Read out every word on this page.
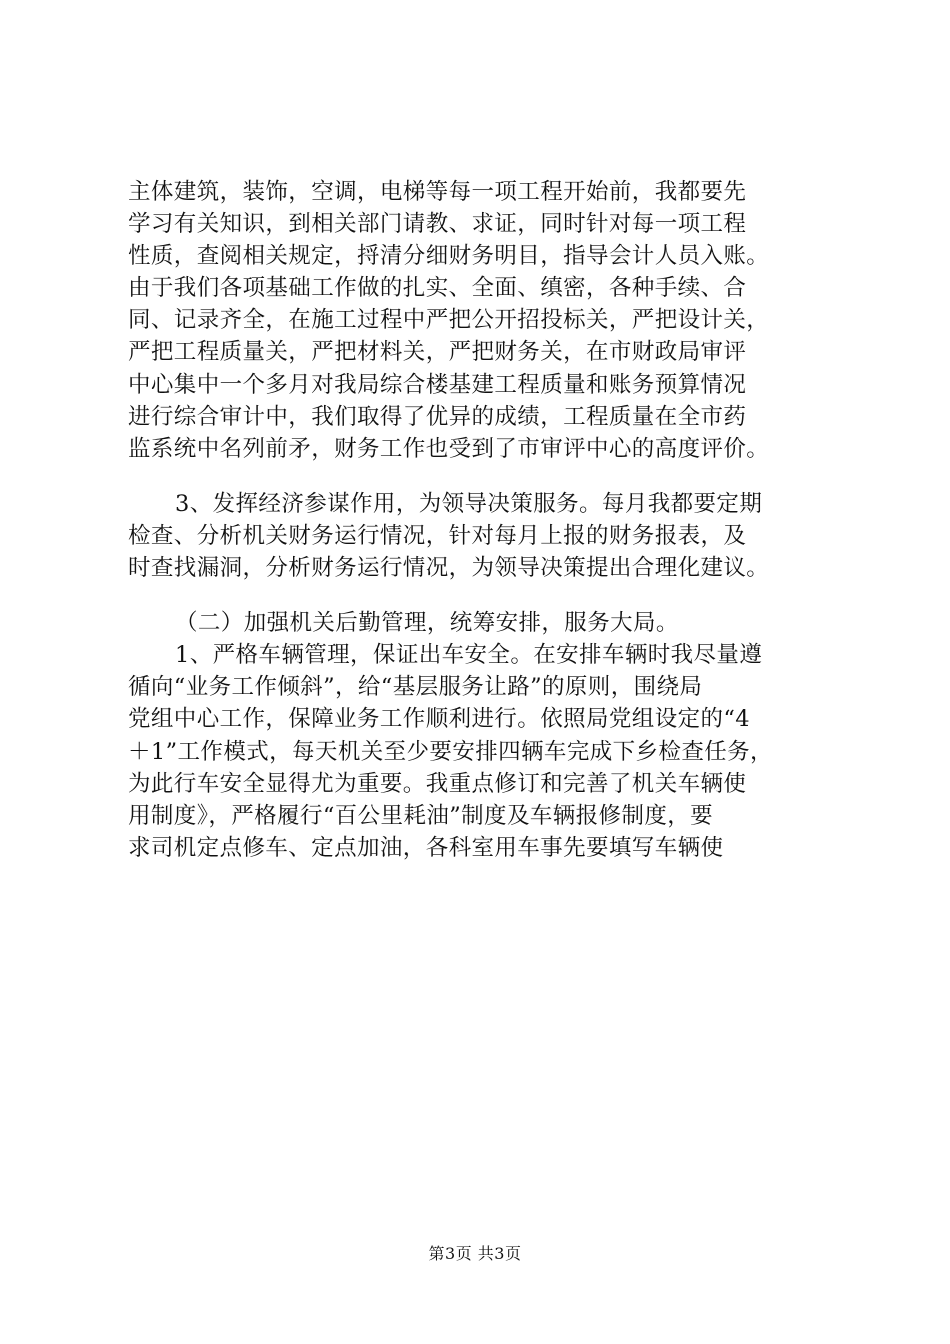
主体建筑，装饰，空调，电梯等每一项工程开始前，我都要先
学习有关知识，到相关部门请教、求证，同时针对每一项工程
性质，查阅相关规定，捋清分细财务明目，指导会计人员入账。
由于我们各项基础工作做的扎实、全面、缜密，各种手续、合
同、记录齐全，在施工过程中严把公开招投标关，严把设计关，
严把工程质量关，严把材料关，严把财务关，在市财政局审评
中心集中一个多月对我局综合楼基建工程质量和账务预算情况
进行综合审计中，我们取得了优异的成绩，工程质量在全市药
监系统中名列前矛，财务工作也受到了市审评中心的高度评价。
3、发挥经济参谋作用，为领导决策服务。每月我都要定期
检查、分析机关财务运行情况，针对每月上报的财务报表，及
时查找漏洞，分析财务运行情况，为领导决策提出合理化建议。
（二）加强机关后勤管理，统筹安排，服务大局。
1、严格车辆管理，保证出车安全。在安排车辆时我尽量遵
循向“业务工作倾斜”，给“基层服务让路”的原则，围绕局
党组中心工作，保障业务工作顺利进行。依照局党组设定的“4
＋1”工作模式，每天机关至少要安排四辆车完成下乡检查任务，
为此行车安全显得尤为重要。我重点修订和完善了机关车辆使
用制度》，严格履行“百公里耗油”制度及车辆报修制度，要
求司机定点修车、定点加油，各科室用车事先要填写车辆使
第3页 共3页
